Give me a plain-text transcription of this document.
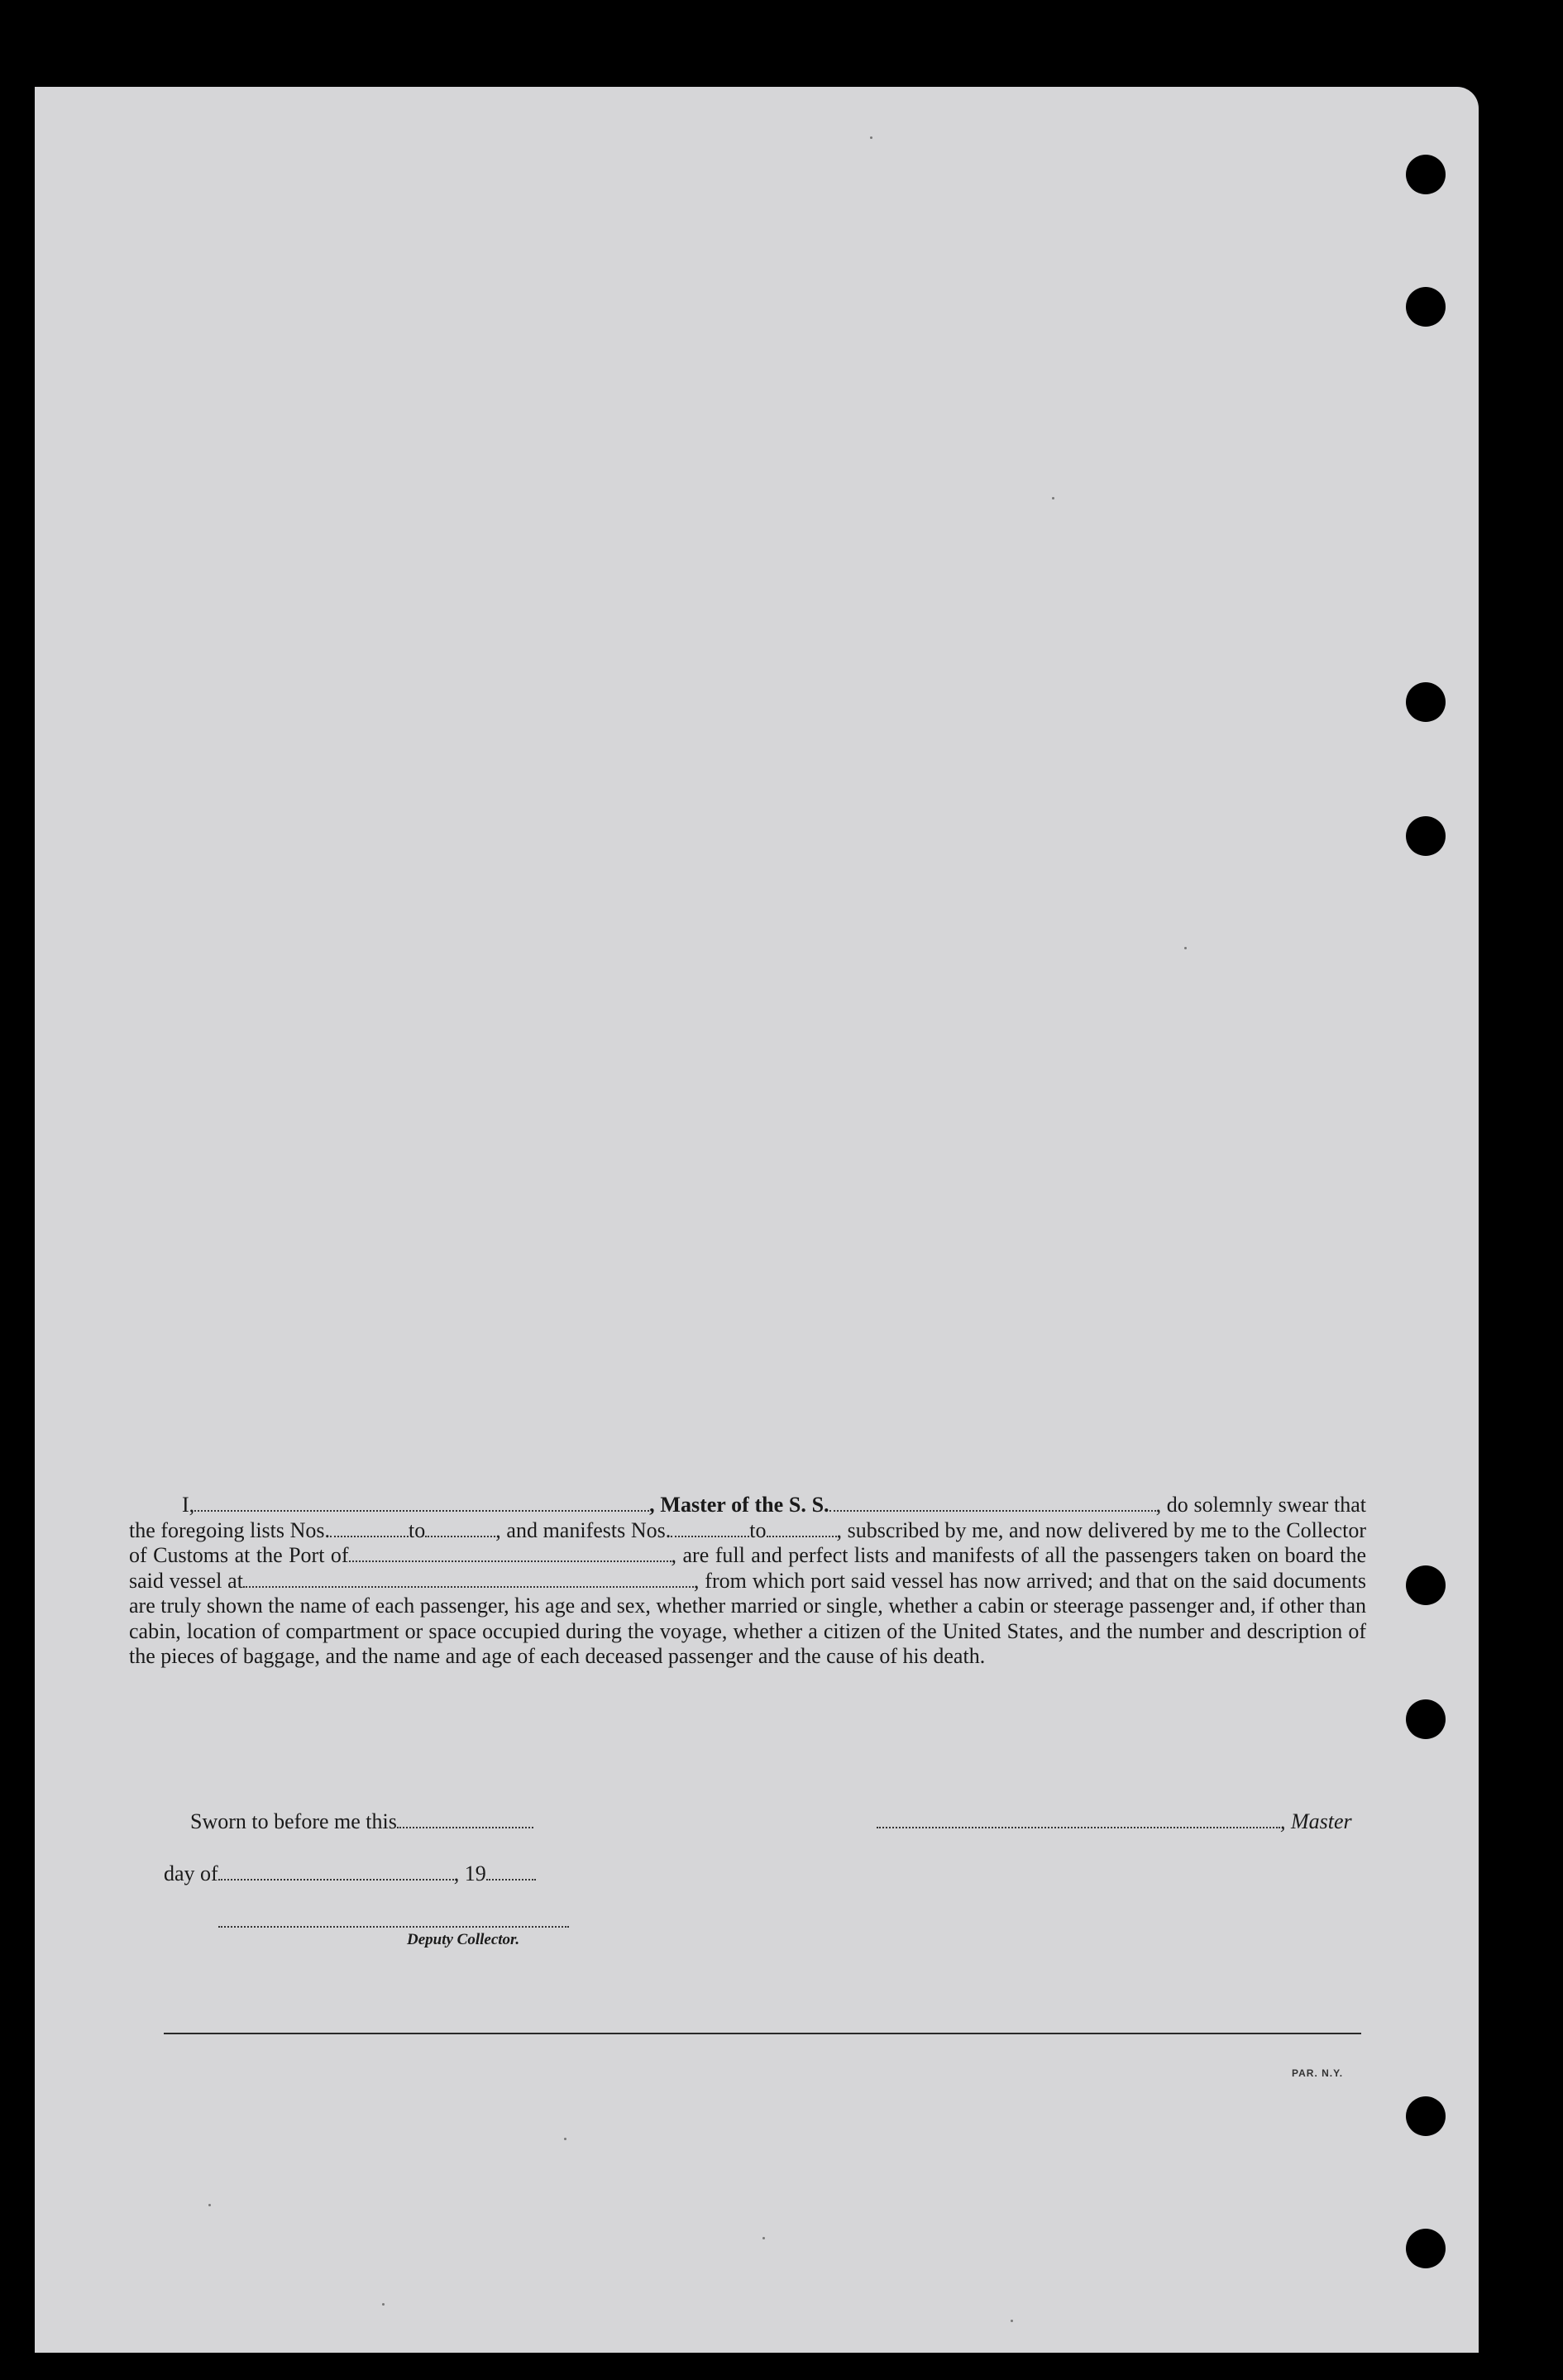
I,	, Master of the S. S.	, do solemnly swear that the foregoing lists Nos.	to	, and manifests Nos.	to	, subscribed by me, and now delivered by me to the Collector of Customs at the Port of	, are full and perfect lists and manifests of all the passengers taken on board the said vessel at	, from which port said vessel has now arrived; and that on the said documents are truly shown the name of each passenger, his age and sex, whether married or single, whether a cabin or steerage passenger and, if other than cabin, location of compartment or space occupied during the voyage, whether a citizen of the United States, and the number and description of the pieces of baggage, and the name and age of each deceased passenger and the cause of his death.

Sworn to before me this	, Master
day of	, 19
Deputy Collector.
PAR. N.Y.
